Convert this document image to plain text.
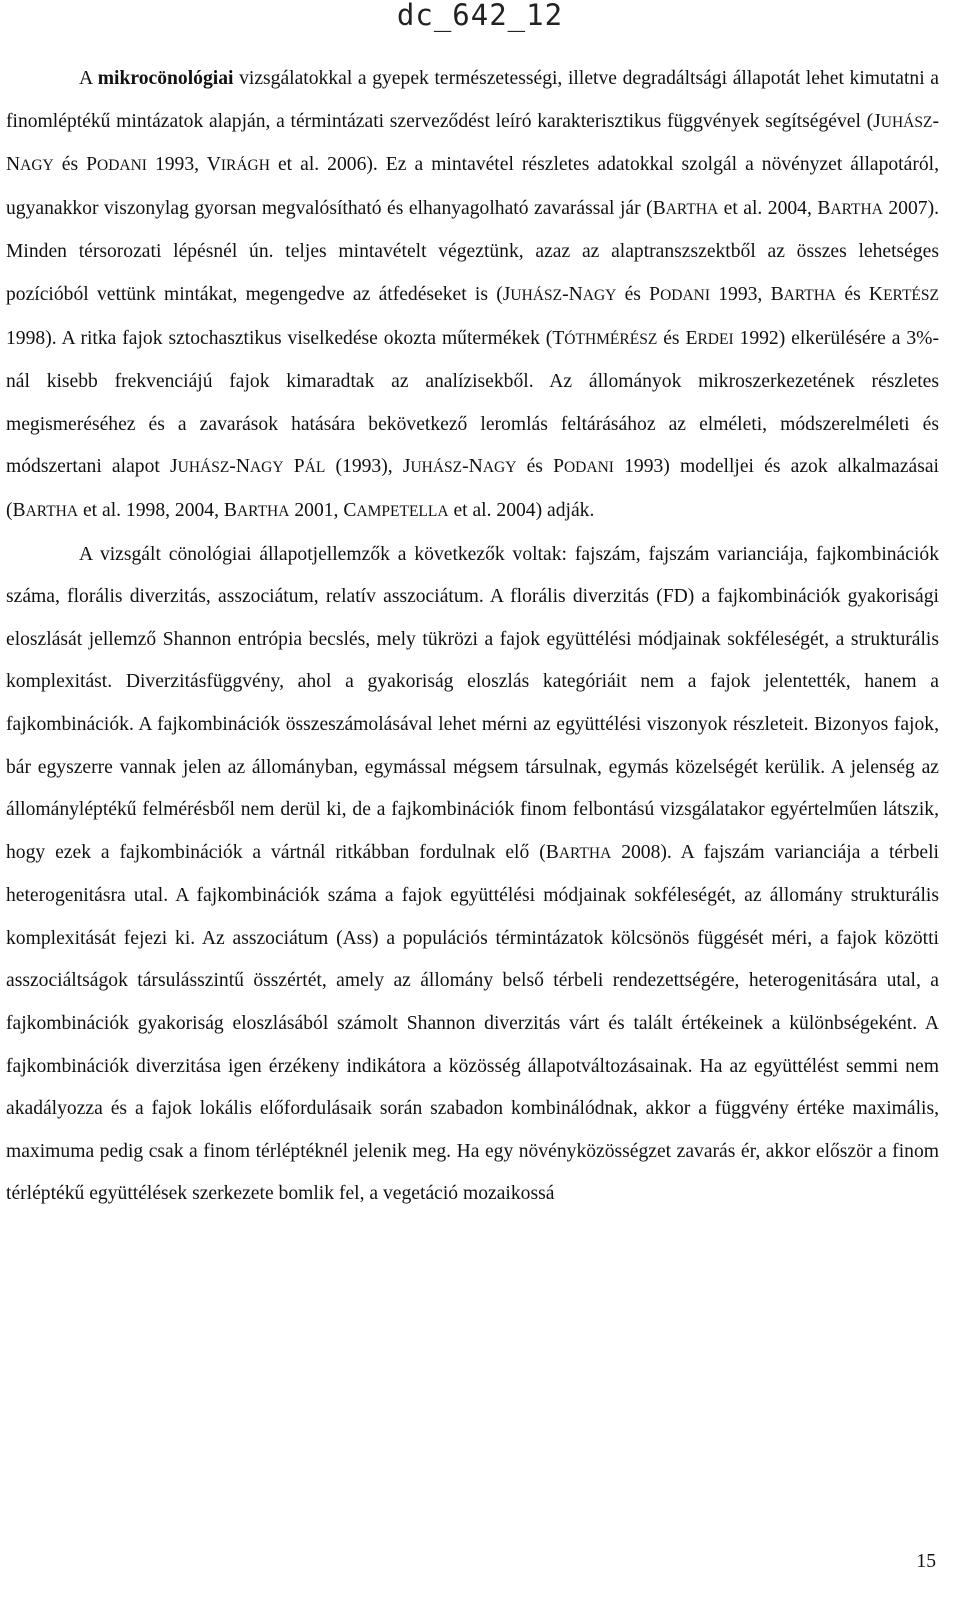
dc_642_12

A mikrocönológiai vizsgálatokkal a gyepek természetességi, illetve degradáltsági állapotát lehet kimutatni a finomléptékű mintázatok alapján, a términtázati szerveződést leíró karakterisztikus függvények segítségével (JUHÁSZ-NAGY és PODANI 1993, VIRÁGH et al. 2006). Ez a mintavétel részletes adatokkal szolgál a növényzet állapotáról, ugyanakkor viszonylag gyorsan megvalósítható és elhanyagolható zavarással jár (BARTHA et al. 2004, BARTHA 2007). Minden térsorozati lépésnél ún. teljes mintavételt végeztünk, azaz az alaptranszszektből az összes lehetséges pozícióból vettünk mintákat, megengedve az átfedéseket is (JUHÁSZ-NAGY és PODANI 1993, BARTHA és KERTÉSZ 1998). A ritka fajok sztochasztikus viselkedése okozta műtermékek (TÓTHMÉRÉSZ és ERDEI 1992) elkerülésére a 3%-nál kisebb frekvenciájú fajok kimaradtak az analízisekből. Az állományok mikroszerkezetének részletes megismeréséhez és a zavarások hatására bekövetkező leromlás feltárásához az elméleti, módszerelméleti és módszertani alapot JUHÁSZ-NAGY PÁL (1993), JUHÁSZ-NAGY és PODANI 1993) modelljei és azok alkalmazásai (BARTHA et al. 1998, 2004, BARTHA 2001, CAMPETELLA et al. 2004) adják.

A vizsgált cönológiai állapotjellemzők a következők voltak: fajszám, fajszám varianciája, fajkombinációk száma, florális diverzitás, asszociátum, relatív asszociátum. A florális diverzitás (FD) a fajkombinációk gyakorisági eloszlását jellemző Shannon entrópia becslés, mely tükrözi a fajok együttélési módjainak sokféleségét, a strukturális komplexitást. Diverzitásfüggvény, ahol a gyakoriság eloszlás kategóriáit nem a fajok jelentették, hanem a fajkombinációk. A fajkombinációk összeszámolásával lehet mérni az együttélési viszonyok részleteit. Bizonyos fajok, bár egyszerre vannak jelen az állományban, egymással mégsem társulnak, egymás közelségét kerülik. A jelenség az állományléptékű felmérésből nem derül ki, de a fajkombinációk finom felbontású vizsgálatakor egyértelműen látszik, hogy ezek a fajkombinációk a vártnál ritkábban fordulnak elő (BARTHA 2008). A fajszám varianciája a térbeli heterogenitásra utal. A fajkombinációk száma a fajok együttélési módjainak sokféleségét, az állomány strukturális komplexitását fejezi ki. Az asszociátum (Ass) a populációs términtázatok kölcsönös függését méri, a fajok közötti asszociáltságok társulásszintű összértét, amely az állomány belső térbeli rendezettségére, heterogenitására utal, a fajkombinációk gyakoriság eloszlásából számolt Shannon diverzitás várt és talált értékeinek a különbségeként. A fajkombinációk diverzitása igen érzékeny indikátora a közösség állapotváltozásainak. Ha az együttélést semmi nem akadályozza és a fajok lokális előfordulásaik során szabadon kombinálódnak, akkor a függvény értéke maximális, maximuma pedig csak a finom térléptéknél jelenik meg. Ha egy növényközösségzet zavarás ér, akkor először a finom térléptékű együttélések szerkezete bomlik fel, a vegetáció mozaikossá

15
